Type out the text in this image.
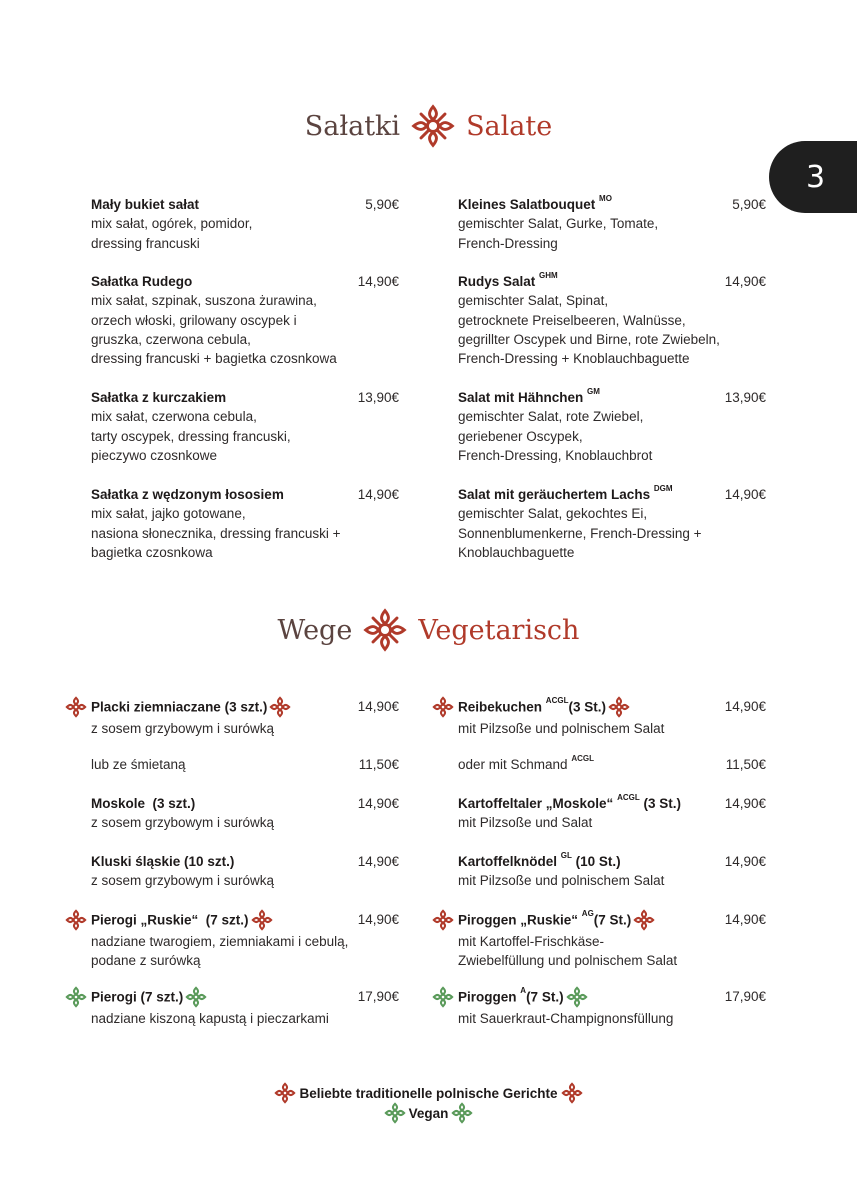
3
Sałatki Salate
Mały bukiet sałat	5,90€
mix sałat, ogórek, pomidor,
dressing francuski
Sałatka Rudego	14,90€
mix sałat, szpinak, suszona żurawina,
orzech włoski, grilowany oscypek i
gruszka, czerwona cebula,
dressing francuski + bagietka czosnkowa
Sałatka z kurczakiem	13,90€
mix sałat, czerwona cebula,
tarty oscypek, dressing francuski,
pieczywo czosnkowe
Sałatka z wędzonym łososiem	14,90€
mix sałat, jajko gotowane,
nasiona słonecznika, dressing francuski +
bagietka czosnkowa
Kleines Salatbouquet $^{MO}$	5,90€
gemischter Salat, Gurke, Tomate,
French-Dressing
Rudys Salat $^{GHM}$	14,90€
gemischter Salat, Spinat,
getrocknete Preiselbeeren, Walnüsse,
gegrillter Oscypek und Birne, rote Zwiebeln,
French-Dressing + Knoblauchbaguette
Salat mit Hähnchen $^{GM}$	13,90€
gemischter Salat, rote Zwiebel,
geriebener Oscypek,
French-Dressing, Knoblauchbrot
Salat mit geräuchertem Lachs $^{DGM}$	14,90€
gemischter Salat, gekochtes Ei,
Sonnenblumenkerne, French-Dressing +
Knoblauchbaguette
Wege Vegetarisch
Placki ziemniaczane (3 szt.)	14,90€
z sosem grzybowym i surówką
lub ze śmietaną	11,50€
Moskole  (3 szt.)	14,90€
z sosem grzybowym i surówką
Kluski śląskie (10 szt.)	14,90€
z sosem grzybowym i surówką
Pierogi „Ruskie“  (7 szt.)	14,90€
nadziane twarogiem, ziemniakami i cebulą,
podane z surówką
Pierogi (7 szt.)	17,90€
nadziane kiszoną kapustą i pieczarkami
Reibekuchen $^{ACGL}$(3 St.)	14,90€
mit Pilzsoße und polnischem Salat
oder mit Schmand $^{ACGL}$	11,50€
Kartoffeltaler „Moskole“ $^{ACGL}$ (3 St.)	14,90€
mit Pilzsoße und Salat
Kartoffelknödel $^{GL}$ (10 St.)	14,90€
mit Pilzsoße und polnischem Salat
Piroggen „Ruskie“ $^{AG}$(7 St.)	14,90€
mit Kartoffel-Frischkäse-
Zwiebelfüllung und polnischem Salat
Piroggen $^A$(7 St.)	17,90€
mit Sauerkraut-Champignonsfüllung
Beliebte traditionelle polnische Gerichte
Vegan
